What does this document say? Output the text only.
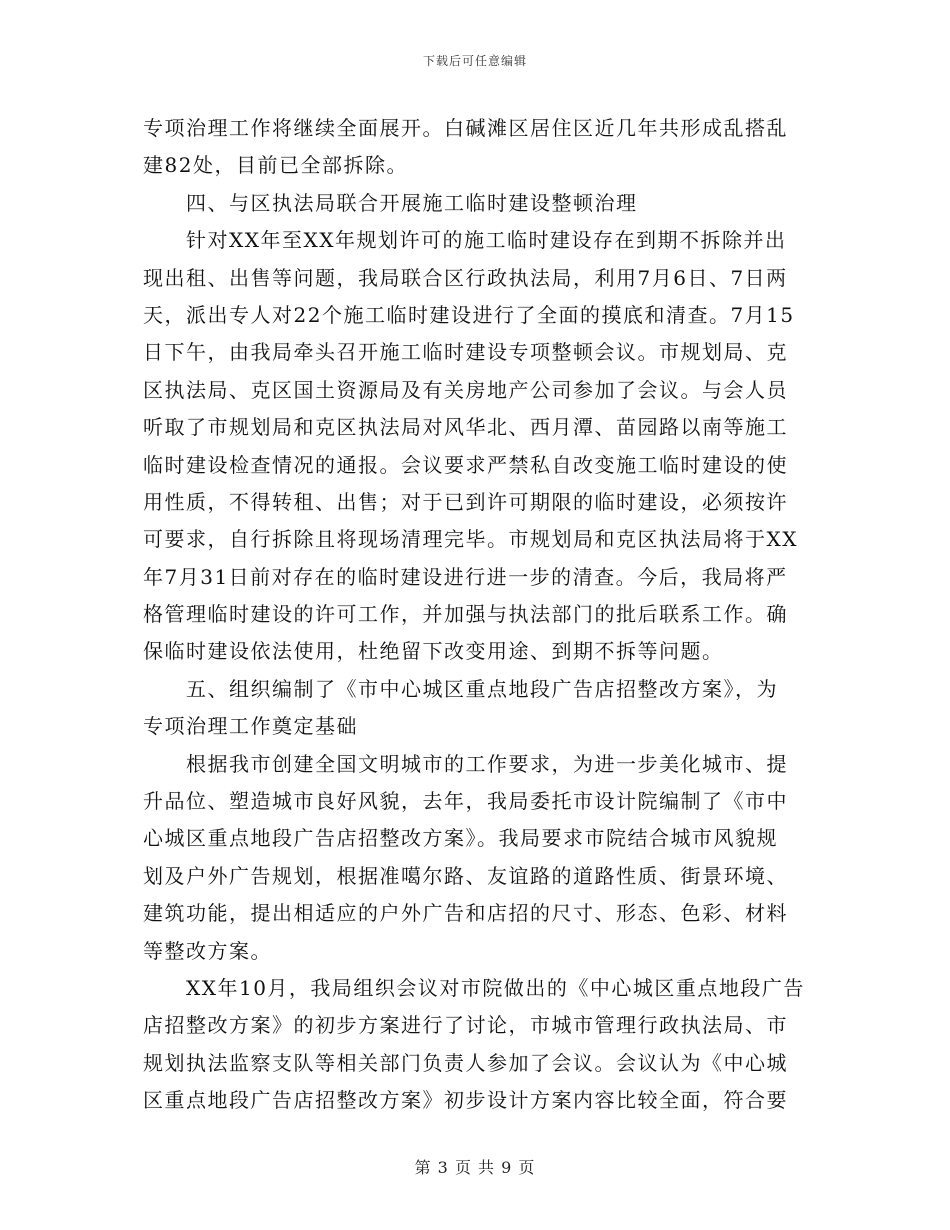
下载后可任意编辑
专项治理工作将继续全面展开。白碱滩区居住区近几年共形成乱搭乱
建82处，目前已全部拆除。
四、与区执法局联合开展施工临时建设整顿治理
针对XX年至XX年规划许可的施工临时建设存在到期不拆除并出
现出租、出售等问题，我局联合区行政执法局，利用7月6日、7日两
天，派出专人对22个施工临时建设进行了全面的摸底和清查。7月15
日下午，由我局牵头召开施工临时建设专项整顿会议。市规划局、克
区执法局、克区国土资源局及有关房地产公司参加了会议。与会人员
听取了市规划局和克区执法局对风华北、西月潭、苗园路以南等施工
临时建设检查情况的通报。会议要求严禁私自改变施工临时建设的使
用性质，不得转租、出售；对于已到许可期限的临时建设，必须按许
可要求，自行拆除且将现场清理完毕。市规划局和克区执法局将于XX
年7月31日前对存在的临时建设进行进一步的清查。今后，我局将严
格管理临时建设的许可工作，并加强与执法部门的批后联系工作。确
保临时建设依法使用，杜绝留下改变用途、到期不拆等问题。
五、组织编制了《市中心城区重点地段广告店招整改方案》，为
专项治理工作奠定基础
根据我市创建全国文明城市的工作要求，为进一步美化城市、提
升品位、塑造城市良好风貌，去年，我局委托市设计院编制了《市中
心城区重点地段广告店招整改方案》。我局要求市院结合城市风貌规
划及户外广告规划，根据准噶尔路、友谊路的道路性质、街景环境、
建筑功能，提出相适应的户外广告和店招的尺寸、形态、色彩、材料
等整改方案。
XX年10月，我局组织会议对市院做出的《中心城区重点地段广告
店招整改方案》的初步方案进行了讨论，市城市管理行政执法局、市
规划执法监察支队等相关部门负责人参加了会议。会议认为《中心城
区重点地段广告店招整改方案》初步设计方案内容比较全面，符合要
第 3 页 共 9 页
